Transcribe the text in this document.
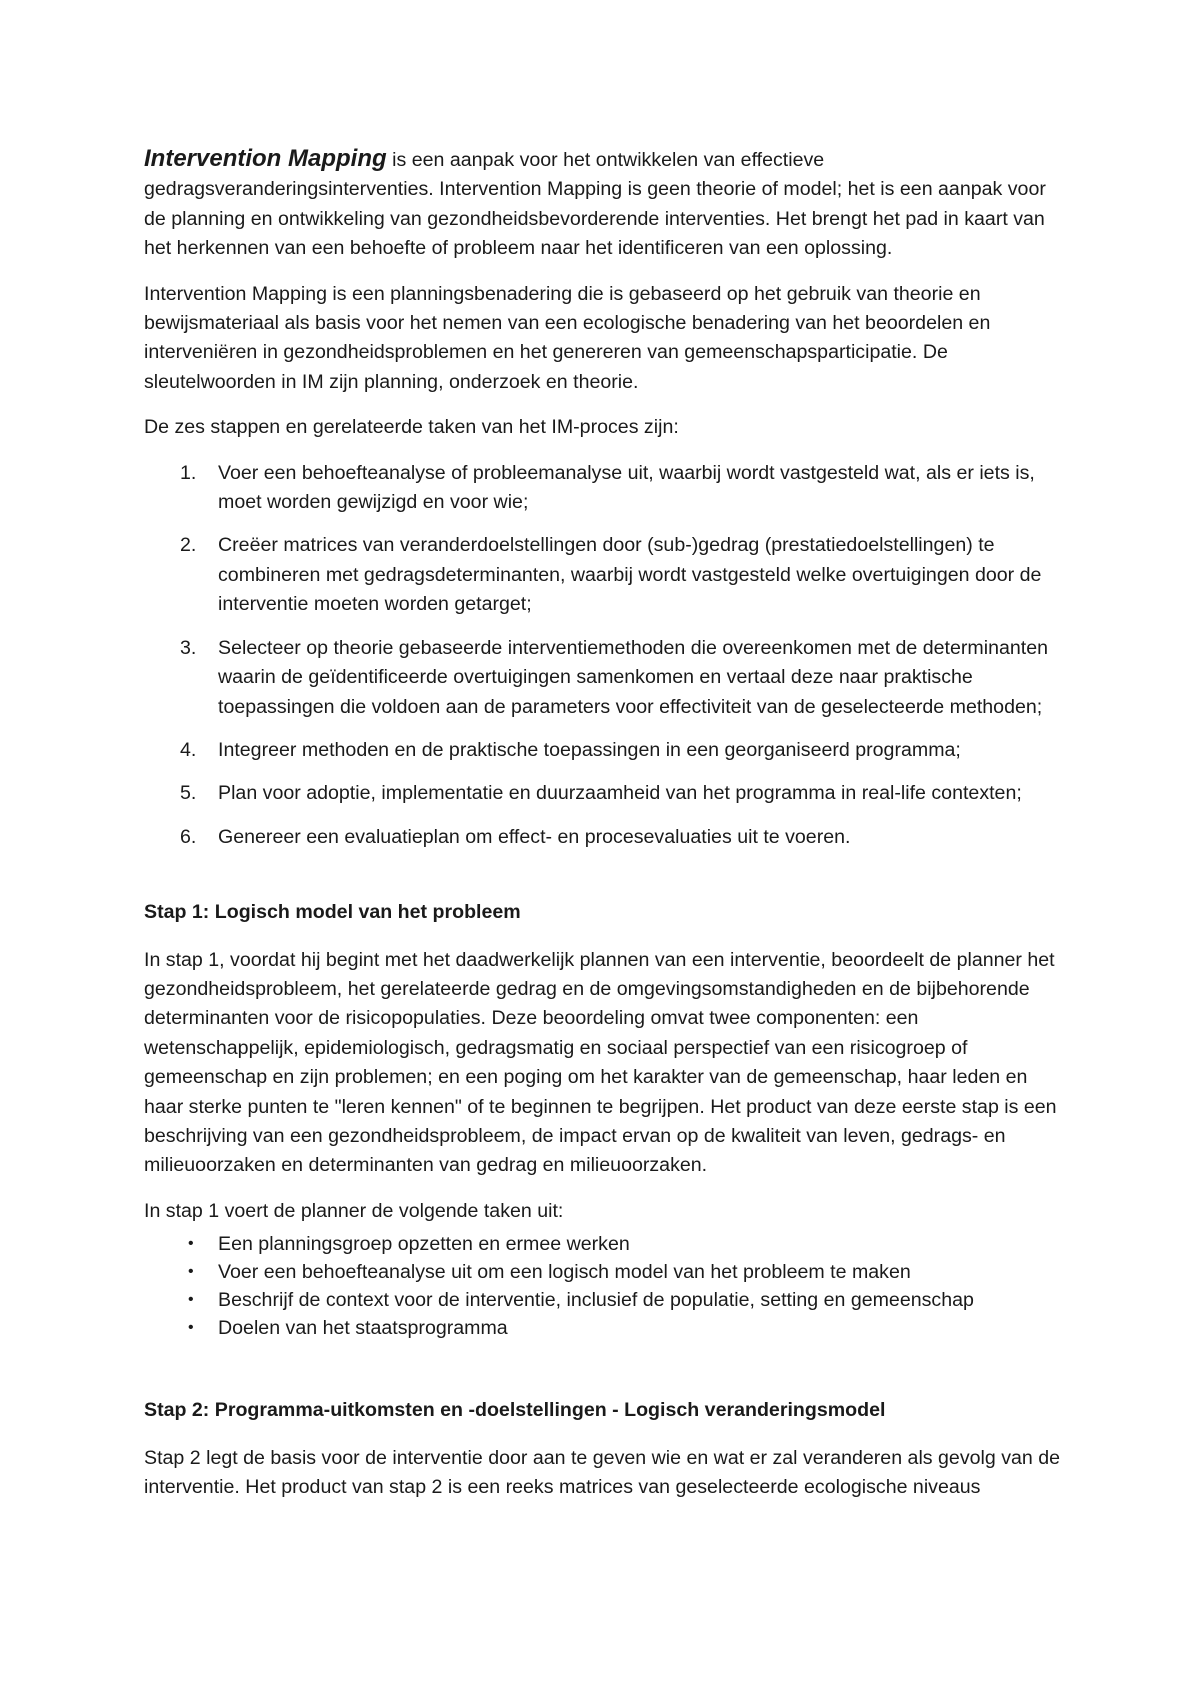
Intervention Mapping is een aanpak voor het ontwikkelen van effectieve gedragsveranderingsinterventies. Intervention Mapping is geen theorie of model; het is een aanpak voor de planning en ontwikkeling van gezondheidsbevorderende interventies. Het brengt het pad in kaart van het herkennen van een behoefte of probleem naar het identificeren van een oplossing.

Intervention Mapping is een planningsbenadering die is gebaseerd op het gebruik van theorie en bewijsmateriaal als basis voor het nemen van een ecologische benadering van het beoordelen en interveniëren in gezondheidsproblemen en het genereren van gemeenschapsparticipatie. De sleutelwoorden in IM zijn planning, onderzoek en theorie.

De zes stappen en gerelateerde taken van het IM-proces zijn:

1. Voer een behoefteanalyse of probleemanalyse uit, waarbij wordt vastgesteld wat, als er iets is, moet worden gewijzigd en voor wie;
2. Creëer matrices van veranderdoelstellingen door (sub-)gedrag (prestatiedoelstellingen) te combineren met gedragsdeterminanten, waarbij wordt vastgesteld welke overtuigingen door de interventie moeten worden getarget;
3. Selecteer op theorie gebaseerde interventiemethoden die overeenkomen met de determinanten waarin de geïdentificeerde overtuigingen samenkomen en vertaal deze naar praktische toepassingen die voldoen aan de parameters voor effectiviteit van de geselecteerde methoden;
4. Integreer methoden en de praktische toepassingen in een georganiseerd programma;
5. Plan voor adoptie, implementatie en duurzaamheid van het programma in real-life contexten;
6. Genereer een evaluatieplan om effect- en procesevaluaties uit te voeren.
Stap 1: Logisch model van het probleem

In stap 1, voordat hij begint met het daadwerkelijk plannen van een interventie, beoordeelt de planner het gezondheidsprobleem, het gerelateerde gedrag en de omgevingsomstandigheden en de bijbehorende determinanten voor de risicopopulaties. Deze beoordeling omvat twee componenten: een wetenschappelijk, epidemiologisch, gedragsmatig en sociaal perspectief van een risicogroep of gemeenschap en zijn problemen; en een poging om het karakter van de gemeenschap, haar leden en haar sterke punten te "leren kennen" of te beginnen te begrijpen. Het product van deze eerste stap is een beschrijving van een gezondheidsprobleem, de impact ervan op de kwaliteit van leven, gedrags- en milieuoorzaken en determinanten van gedrag en milieuoorzaken.

In stap 1 voert de planner de volgende taken uit:

• Een planningsgroep opzetten en ermee werken
• Voer een behoefteanalyse uit om een logisch model van het probleem te maken
• Beschrijf de context voor de interventie, inclusief de populatie, setting en gemeenschap
• Doelen van het staatsprogramma
Stap 2: Programma-uitkomsten en -doelstellingen - Logisch veranderingsmodel

Stap 2 legt de basis voor de interventie door aan te geven wie en wat er zal veranderen als gevolg van de interventie. Het product van stap 2 is een reeks matrices van geselecteerde ecologische niveaus
